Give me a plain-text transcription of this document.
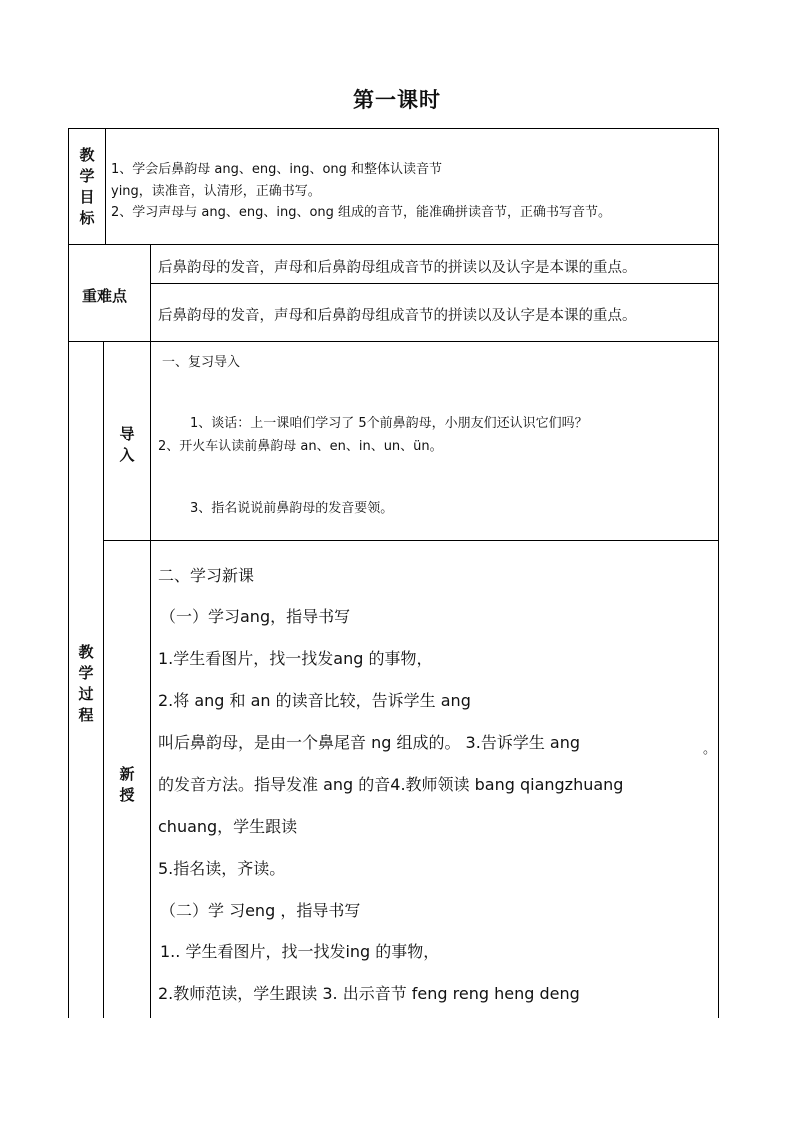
第一课时
教
学
目
标
1、学会后鼻韵母 ang、eng、ing、ong 和整体认读音节
ying，读准音，认清形，正确书写。
2、学习声母与 ang、eng、ing、ong 组成的音节，能准确拼读音节，正确书写音节。
重难点
后鼻韵母的发音，声母和后鼻韵母组成音节的拼读以及认字是本课的重点。
后鼻韵母的发音，声母和后鼻韵母组成音节的拼读以及认字是本课的重点。
教
学
过
程
导
入
一、复习导入
1、谈话：上一课咱们学习了 5个前鼻韵母，小朋友们还认识它们吗？
2、开火车认读前鼻韵母 an、en、in、un、ün。
3、指名说说前鼻韵母的发音要领。
新
授
二、学习新课
（一）学习ang，指导书写
1.学生看图片，找一找发ang 的事物，
2.将 ang 和 an 的读音比较，告诉学生 ang
叫后鼻韵母，是由一个鼻尾音 ng 组成的。 3.告诉学生 ang	。
的发音方法。指导发准 ang 的音4.教师领读 bang qiangzhuang
chuang，学生跟读
5.指名读，齐读。
（二）学 习eng ，指导书写
1.. 学生看图片，找一找发ing 的事物，
2.教师范读，学生跟读 3. 出示音节 feng reng heng deng
